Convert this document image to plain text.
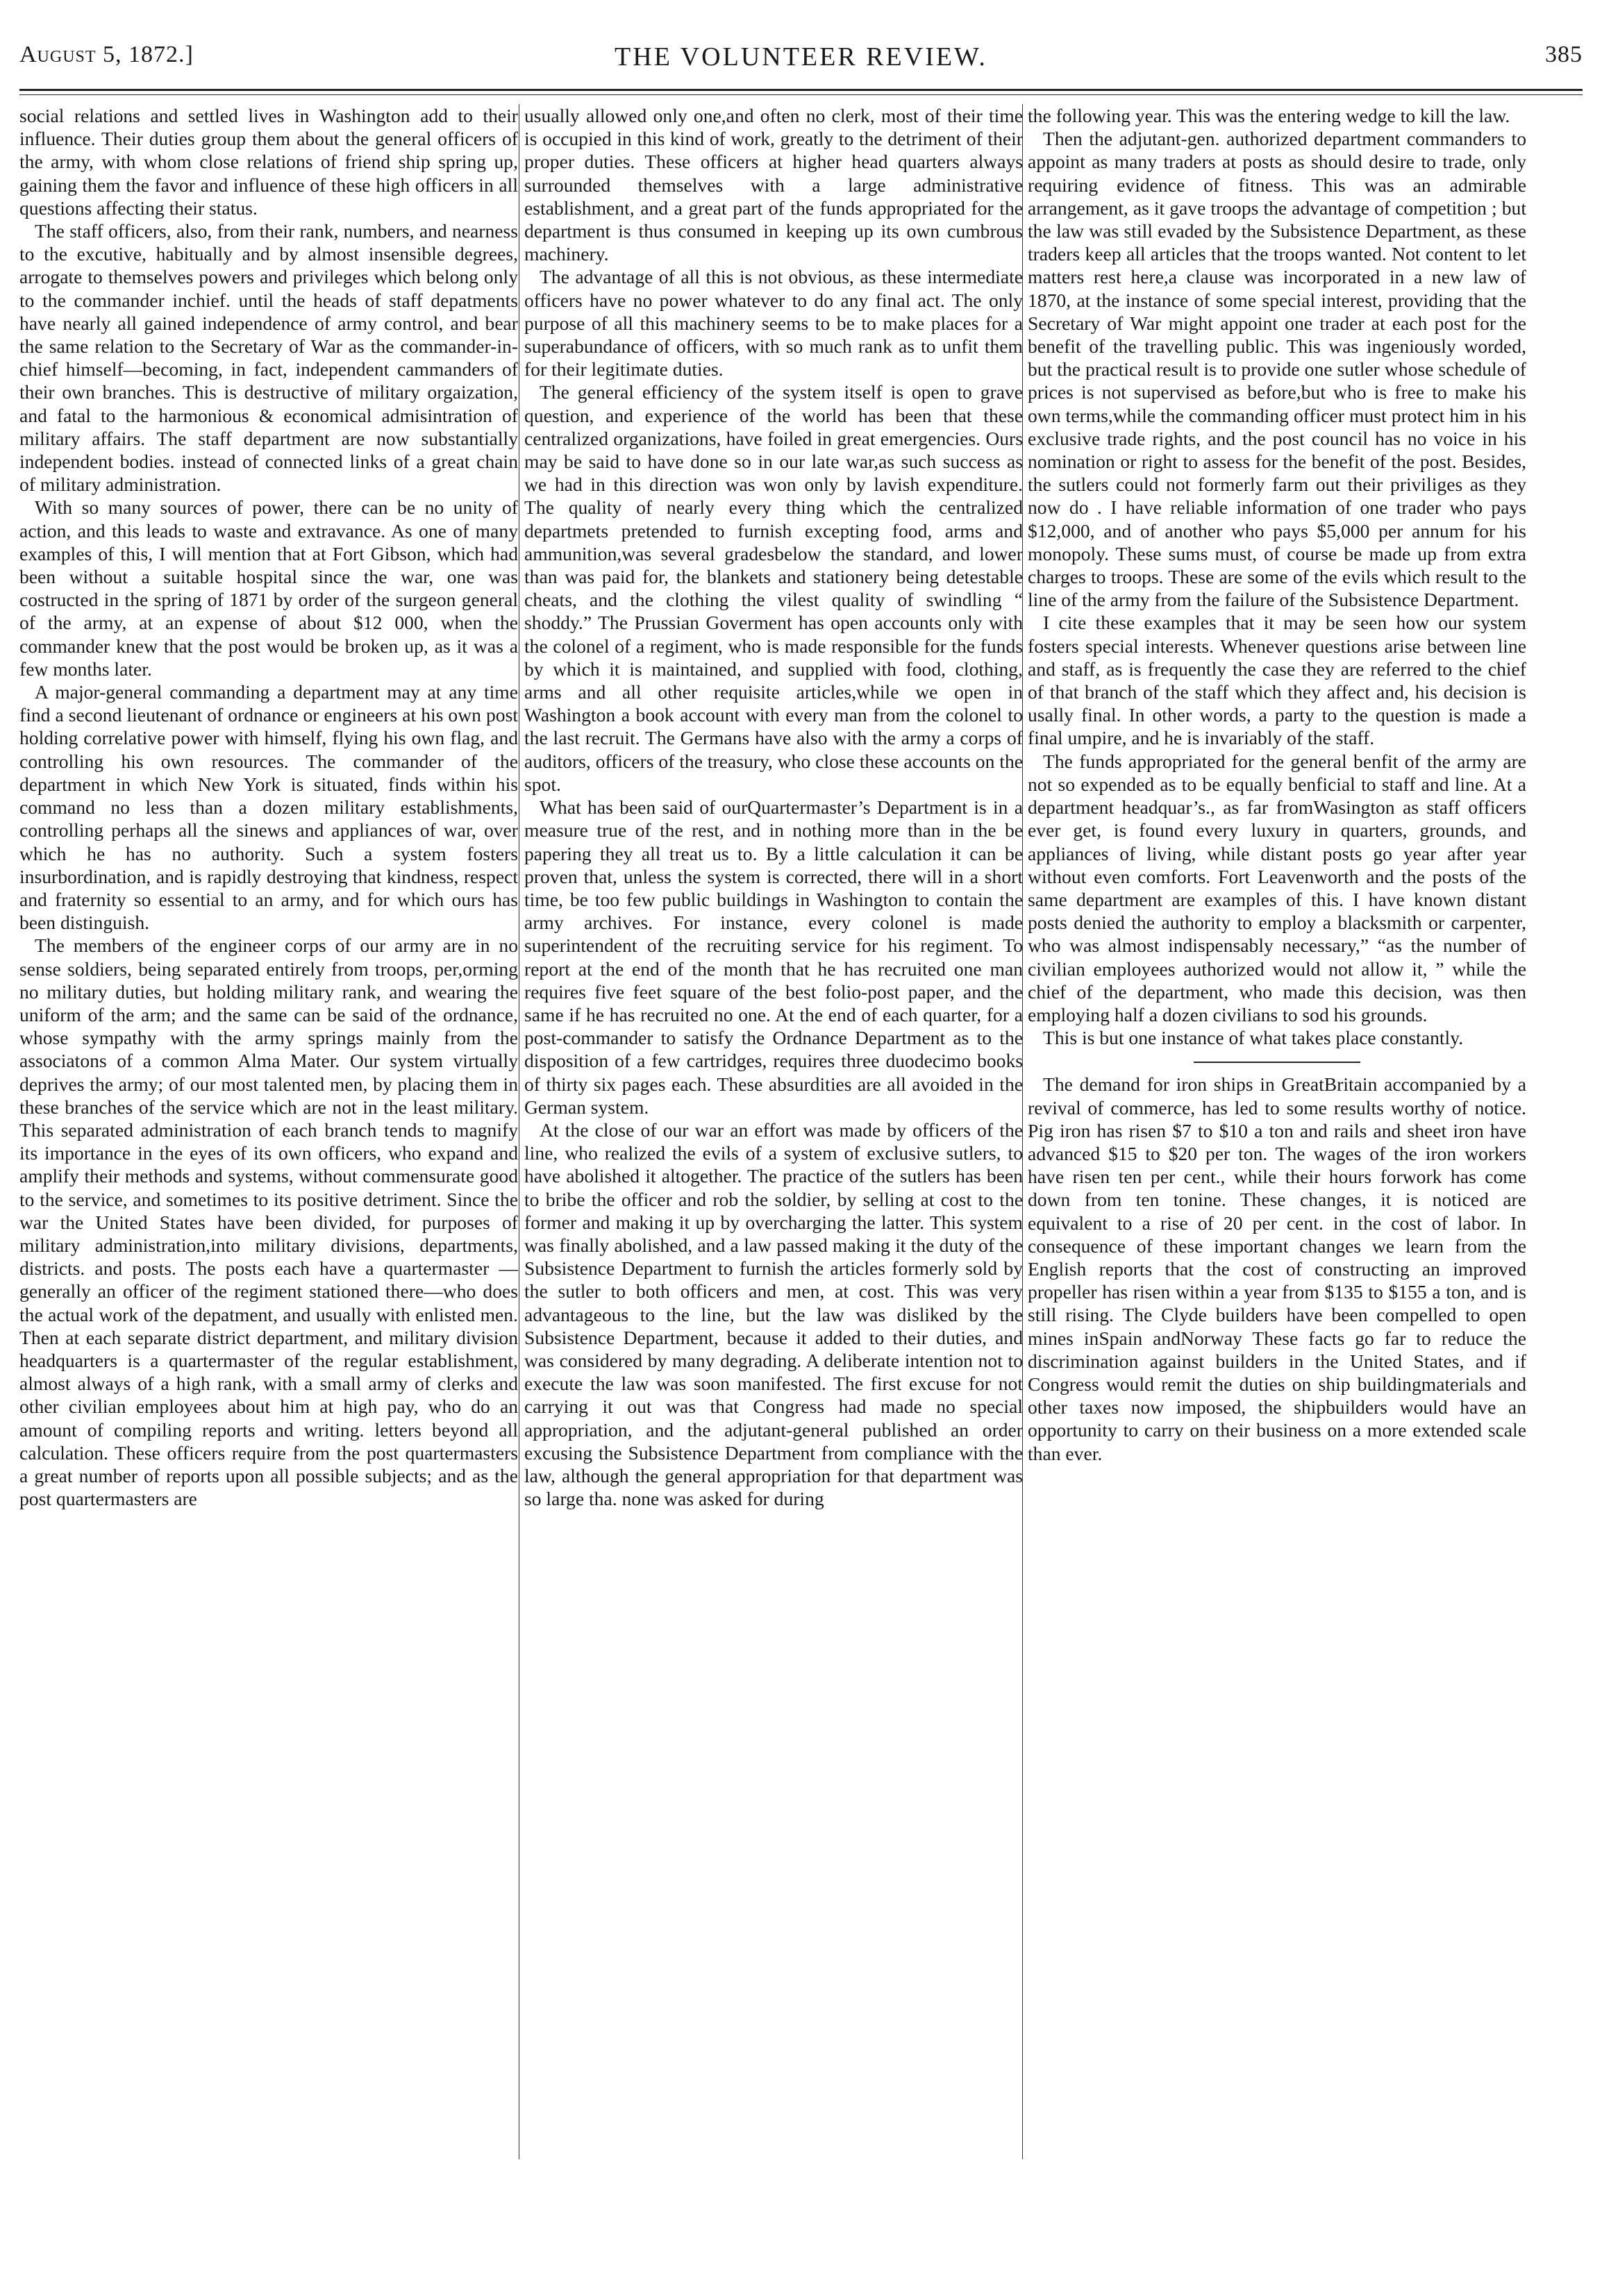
August 5, 1872.]	THE VOLUNTEER REVIEW.	385

social relations and settled lives in Washington add to their influence. Their duties group them about the general officers of the army, with whom close relations of friend ship spring up, gaining them the favor and influence of these high officers in all questions affecting their status.

The staff officers, also, from their rank, numbers, and nearness to the excutive, habitually and by almost insensible degrees, arrogate to themselves powers and privileges which belong only to the commander inchief. until the heads of staff depatments have nearly all gained independence of army control, and bear the same relation to the Secretary of War as the commander-in-chief himself—becoming, in fact, independent cammanders of their own branches. This is destructive of military orgaization, and fatal to the harmonious & economical admisintration of military affairs. The staff department are now substantially independent bodies. instead of connected links of a great chain of military administration.

With so many sources of power, there can be no unity of action, and this leads to waste and extravance. As one of many examples of this, I will mention that at Fort Gibson, which had been without a suitable hospital since the war, one was costructed in the spring of 1871 by order of the surgeon general of the army, at an expense of about $12 000, when the commander knew that the post would be broken up, as it was a few months later.

A major-general commanding a department may at any time find a second lieutenant of ordnance or engineers at his own post holding correlative power with himself, flying his own flag, and controlling his own resources. The commander of the department in which New York is situated, finds within his command no less than a dozen military establishments, controlling perhaps all the sinews and appliances of war, over which he has no authority. Such a system fosters insurbordination, and is rapidly destroying that kindness, respect and fraternity so essential to an army, and for which ours has been distinguish.

The members of the engineer corps of our army are in no sense soldiers, being separated entirely from troops, per,orming no military duties, but holding military rank, and wearing the uniform of the arm; and the same can be said of the ordnance, whose sympathy with the army springs mainly from the associatons of a common Alma Mater. Our system virtually deprives the army; of our most talented men, by placing them in these branches of the service which are not in the least military. This separated administration of each branch tends to magnify its importance in the eyes of its own officers, who expand and amplify their methods and systems, without commensurate good to the service, and sometimes to its positive detriment. Since the war the United States have been divided, for purposes of military administration,into military divisions, departments, districts. and posts. The posts each have a quartermaster —generally an officer of the regiment stationed there—who does the actual work of the depatment, and usually with enlisted men. Then at each separate district department, and military division headquarters is a quartermaster of the regular establishment, almost always of a high rank, with a small army of clerks and other civilian employees about him at high pay, who do an amount of compiling reports and writing. letters beyond all calculation. These officers require from the post quartermasters a great number of reports upon all possible subjects; and as the post quartermasters are

usually allowed only one,and often no clerk, most of their time is occupied in this kind of work, greatly to the detriment of their proper duties. These officers at higher head quarters always surrounded themselves with a large administrative establishment, and a great part of the funds appropriated for the department is thus consumed in keeping up its own cumbrous machinery.

The advantage of all this is not obvious, as these intermediate officers have no power whatever to do any final act. The only purpose of all this machinery seems to be to make places for a superabundance of officers, with so much rank as to unfit them for their legitimate duties.

The general efficiency of the system itself is open to grave question, and experience of the world has been that these centralized organizations, have foiled in great emergencies. Ours may be said to have done so in our late war,as such success as we had in this direction was won only by lavish expenditure. The quality of nearly every thing which the centralized departmets pretended to furnish excepting food, arms and ammunition,was several gradesbelow the standard, and lower than was paid for, the blankets and stationery being detestable cheats, and the clothing the vilest quality of swindling “ shoddy.” The Prussian Goverment has open accounts only with the colonel of a regiment, who is made responsible for the funds by which it is maintained, and supplied with food, clothing, arms and all other requisite articles,while we open in Washington a book account with every man from the colonel to the last recruit. The Germans have also with the army a corps of auditors, officers of the treasury, who close these accounts on the spot.

What has been said of ourQuartermaster’s Department is in a measure true of the rest, and in nothing more than in the be papering they all treat us to. By a little calculation it can be proven that, unless the system is corrected, there will in a short time, be too few public buildings in Washington to contain the army archives. For instance, every colonel is made superintendent of the recruiting service for his regiment. To report at the end of the month that he has recruited one man requires five feet square of the best folio-post paper, and the same if he has recruited no one. At the end of each quarter, for a post-commander to satisfy the Ordnance Department as to the disposition of a few cartridges, requires three duodecimo books of thirty six pages each. These absurdities are all avoided in the German system.

At the close of our war an effort was made by officers of the line, who realized the evils of a system of exclusive sutlers, to have abolished it altogether. The practice of the sutlers has been to bribe the officer and rob the soldier, by selling at cost to the former and making it up by overcharging the latter. This system was finally abolished, and a law passed making it the duty of the Subsistence Department to furnish the articles formerly sold by the sutler to both officers and men, at cost. This was very advantageous to the line, but the law was disliked by the Subsistence Department, because it added to their duties, and was considered by many degrading. A deliberate intention not to execute the law was soon manifested. The first excuse for not carrying it out was that Congress had made no special appropriation, and the adjutant-general published an order excusing the Subsistence Department from compliance with the law, although the general appropriation for that department was so large tha. none was asked for during

the following year. This was the entering wedge to kill the law.

Then the adjutant-gen. authorized department commanders to appoint as many traders at posts as should desire to trade, only requiring evidence of fitness. This was an admirable arrangement, as it gave troops the advantage of competition ; but the law was still evaded by the Subsistence Department, as these traders keep all articles that the troops wanted. Not content to let matters rest here,a clause was incorporated in a new law of 1870, at the instance of some special interest, providing that the Secretary of War might appoint one trader at each post for the benefit of the travelling public. This was ingeniously worded, but the practical result is to provide one sutler whose schedule of prices is not supervised as before,but who is free to make his own terms,while the commanding officer must protect him in his exclusive trade rights, and the post council has no voice in his nomination or right to assess for the benefit of the post. Besides, the sutlers could not formerly farm out their priviliges as they now do . I have reliable information of one trader who pays $12,000, and of another who pays $5,000 per annum for his monopoly. These sums must, of course be made up from extra charges to troops. These are some of the evils which result to the line of the army from the failure of the Subsistence Department.

I cite these examples that it may be seen how our system fosters special interests. Whenever questions arise between line and staff, as is frequently the case they are referred to the chief of that branch of the staff which they affect and, his decision is usally final. In other words, a party to the question is made a final umpire, and he is invariably of the staff.

The funds appropriated for the general benfit of the army are not so expended as to be equally benficial to staff and line. At a department headquar’s., as far fromWasington as staff officers ever get, is found every luxury in quarters, grounds, and appliances of living, while distant posts go year after year without even comforts. Fort Leavenworth and the posts of the same department are examples of this. I have known distant posts denied the authority to employ a blacksmith or carpenter, who was almost indispensably necessary,” “as the number of civilian employees authorized would not allow it, ” while the chief of the department, who made this decision, was then employing half a dozen civilians to sod his grounds.

This is but one instance of what takes place constantly.

The demand for iron ships in GreatBritain accompanied by a revival of commerce, has led to some results worthy of notice. Pig iron has risen $7 to $10 a ton and rails and sheet iron have advanced $15 to $20 per ton. The wages of the iron workers have risen ten per cent., while their hours forwork has come down from ten tonine. These changes, it is noticed are equivalent to a rise of 20 per cent. in the cost of labor. In consequence of these important changes we learn from the English reports that the cost of constructing an improved propeller has risen within a year from $135 to $155 a ton, and is still rising. The Clyde builders have been compelled to open mines inSpain andNorway These facts go far to reduce the discrimination against builders in the United States, and if Congress would remit the duties on ship buildingmaterials and other taxes now imposed, the shipbuilders would have an opportunity to carry on their business on a more extended scale than ever.
